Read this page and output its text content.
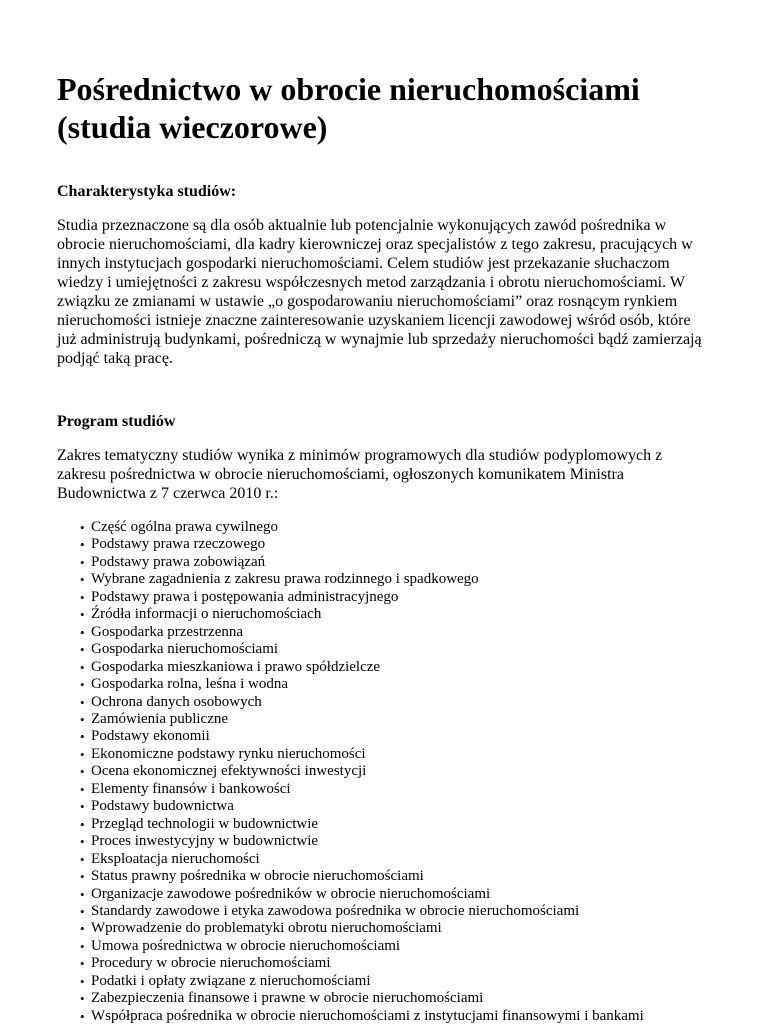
Pośrednictwo w obrocie nieruchomościami (studia wieczorowe)
Charakterystyka studiów:

Studia przeznaczone są dla osób aktualnie lub potencjalnie wykonujących zawód pośrednika w obrocie nieruchomościami, dla kadry kierowniczej oraz specjalistów z tego zakresu, pracujących w innych instytucjach gospodarki nieruchomościami. Celem studiów jest przekazanie słuchaczom wiedzy i umiejętności z zakresu współczesnych metod zarządzania i obrotu nieruchomościami. W związku ze zmianami w ustawie „o gospodarowaniu nieruchomościami” oraz rosnącym rynkiem nieruchomości istnieje znaczne zainteresowanie uzyskaniem licencji zawodowej wśród osób, które już administrują budynkami, pośredniczą w wynajmie lub sprzedaży nieruchomości bądź zamierzają podjąć taką pracę.

Program studiów

Zakres tematyczny studiów wynika z minimów programowych dla studiów podyplomowych z zakresu pośrednictwa w obrocie nieruchomościami, ogłoszonych komunikatem Ministra Budownictwa z 7 czerwca 2010 r.:

• Część ogólna prawa cywilnego
• Podstawy prawa rzeczowego
• Podstawy prawa zobowiązań
• Wybrane zagadnienia z zakresu prawa rodzinnego i spadkowego
• Podstawy prawa i postępowania administracyjnego
• Źródła informacji o nieruchomościach
• Gospodarka przestrzenna
• Gospodarka nieruchomościami
• Gospodarka mieszkaniowa i prawo spółdzielcze
• Gospodarka rolna, leśna i wodna
• Ochrona danych osobowych
• Zamówienia publiczne
• Podstawy ekonomii
• Ekonomiczne podstawy rynku nieruchomości
• Ocena ekonomicznej efektywności inwestycji
• Elementy finansów i bankowości
• Podstawy budownictwa
• Przegląd technologii w budownictwie
• Proces inwestycyjny w budownictwie
• Eksploatacja nieruchomości
• Status prawny pośrednika w obrocie nieruchomościami
• Organizacje zawodowe pośredników w obrocie nieruchomościami
• Standardy zawodowe i etyka zawodowa pośrednika w obrocie nieruchomościami
• Wprowadzenie do problematyki obrotu nieruchomościami
• Umowa pośrednictwa w obrocie nieruchomościami
• Procedury w obrocie nieruchomościami
• Podatki i opłaty związane z nieruchomościami
• Zabezpieczenia finansowe i prawne w obrocie nieruchomościami
• Współpraca pośrednika w obrocie nieruchomościami z instytucjami finansowymi i bankami
